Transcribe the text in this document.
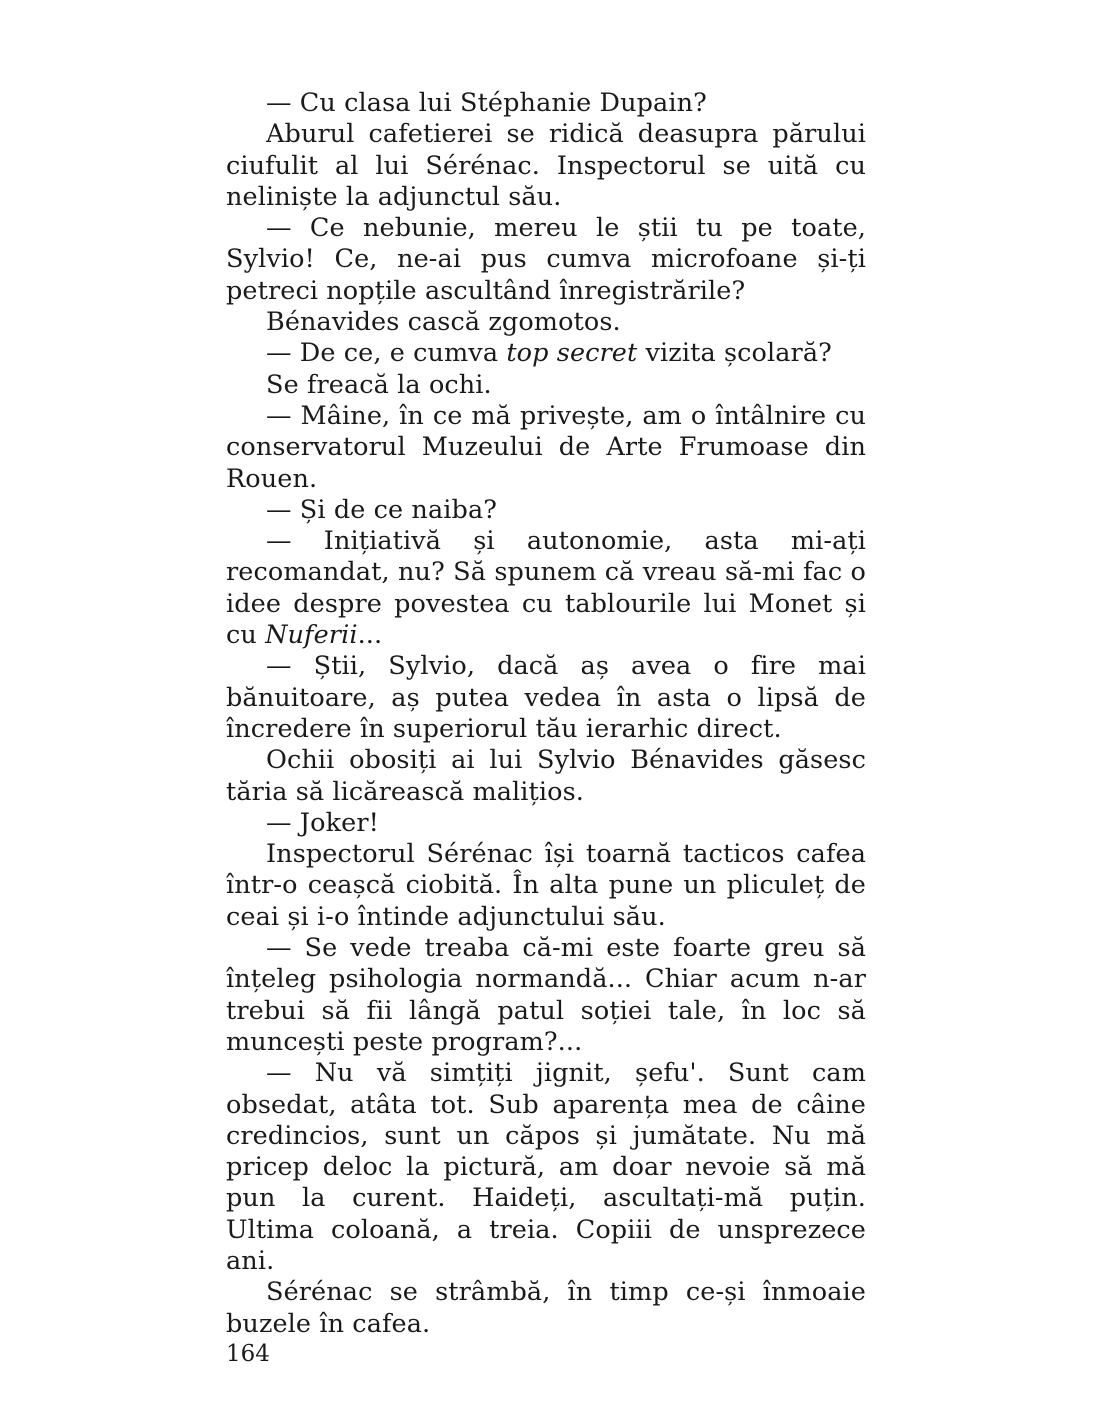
— Cu clasa lui Stéphanie Dupain?

Aburul cafetierei se ridică deasupra părului ciufulit al lui Sérénac. Inspectorul se uită cu neliniște la adjunctul său.

— Ce nebunie, mereu le știi tu pe toate, Sylvio! Ce, ne-ai pus cumva microfoane și-ți petreci nopțile ascultând înregistrările?

Bénavides cască zgomotos.

— De ce, e cumva top secret vizita școlară?

Se freacă la ochi.

— Mâine, în ce mă privește, am o întâlnire cu conservatorul Muzeului de Arte Frumoase din Rouen.

— Și de ce naiba?

— Inițiativă și autonomie, asta mi-ați recomandat, nu? Să spunem că vreau să-mi fac o idee despre povestea cu tablourile lui Monet și cu Nuferii...

— Știi, Sylvio, dacă aș avea o fire mai bănuitoare, aș putea vedea în asta o lipsă de încredere în superiorul tău ierarhic direct.

Ochii obosiți ai lui Sylvio Bénavides găsesc tăria să licărească malițios.

— Joker!

Inspectorul Sérénac își toarnă tacticos cafea într-o ceașcă ciobită. În alta pune un pliculeț de ceai și i-o întinde adjunctului său.

— Se vede treaba că-mi este foarte greu să înțeleg psihologia normandă... Chiar acum n-ar trebui să fii lângă patul soției tale, în loc să muncești peste program?...

— Nu vă simțiți jignit, șefu'. Sunt cam obsedat, atâta tot. Sub aparența mea de câine credincios, sunt un căpos și jumătate. Nu mă pricep deloc la pictură, am doar nevoie să mă pun la curent. Haideți, ascultați-mă puțin. Ultima coloană, a treia. Copiii de unsprezece ani.

Sérénac se strâmbă, în timp ce-și înmoaie buzele în cafea.

164
